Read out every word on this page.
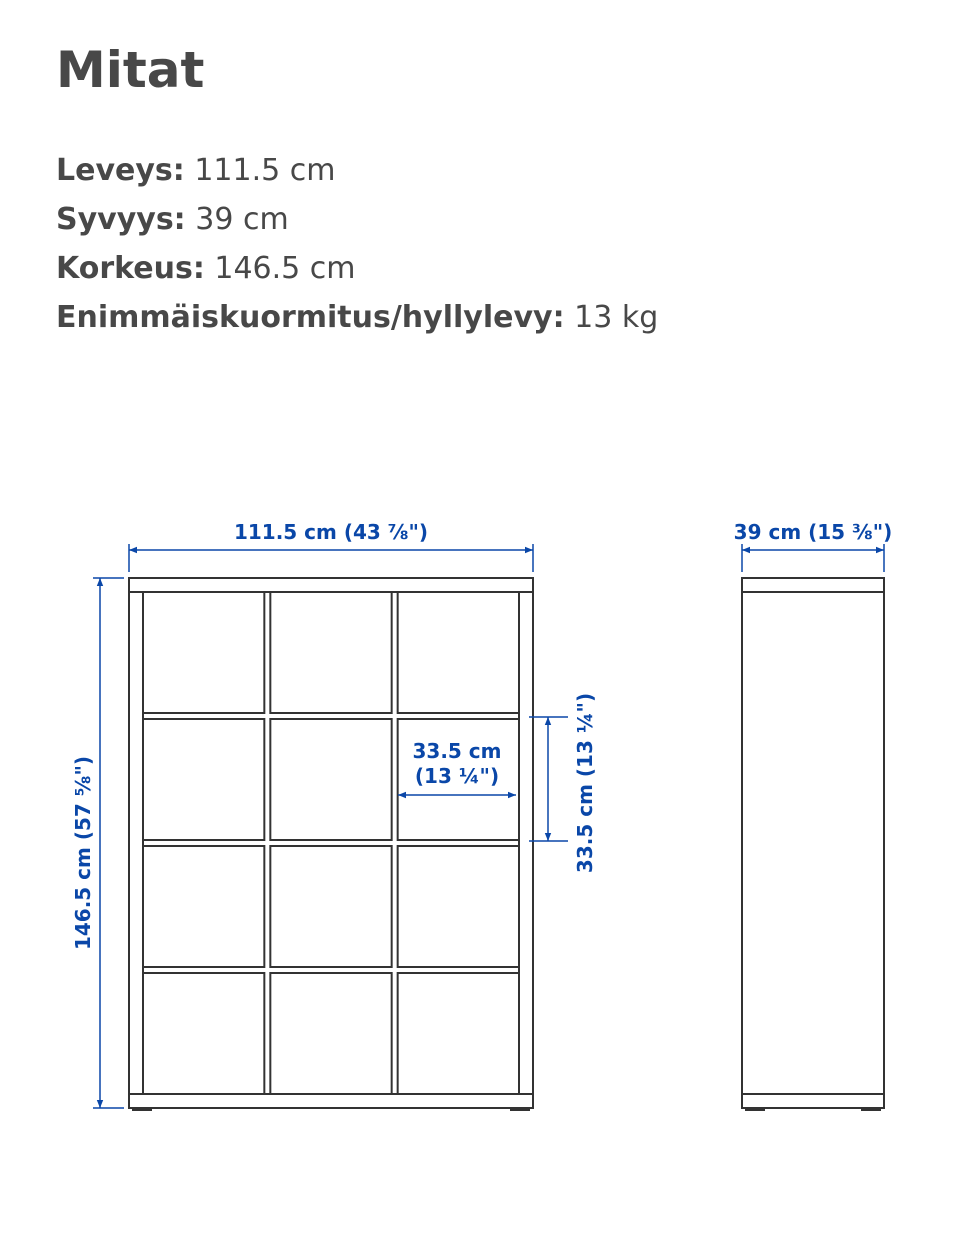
Mitat
Leveys: 111.5 cm
Syvyys: 39 cm
Korkeus: 146.5 cm
Enimmäiskuormitus/hyllylevy: 13 kg
111.5 cm (43 ⅞")
146.5 cm (57 ⅝")
33.5 cm
(13 ¼")	33.5 cm (13 ¼")
39 cm (15 ⅜")
